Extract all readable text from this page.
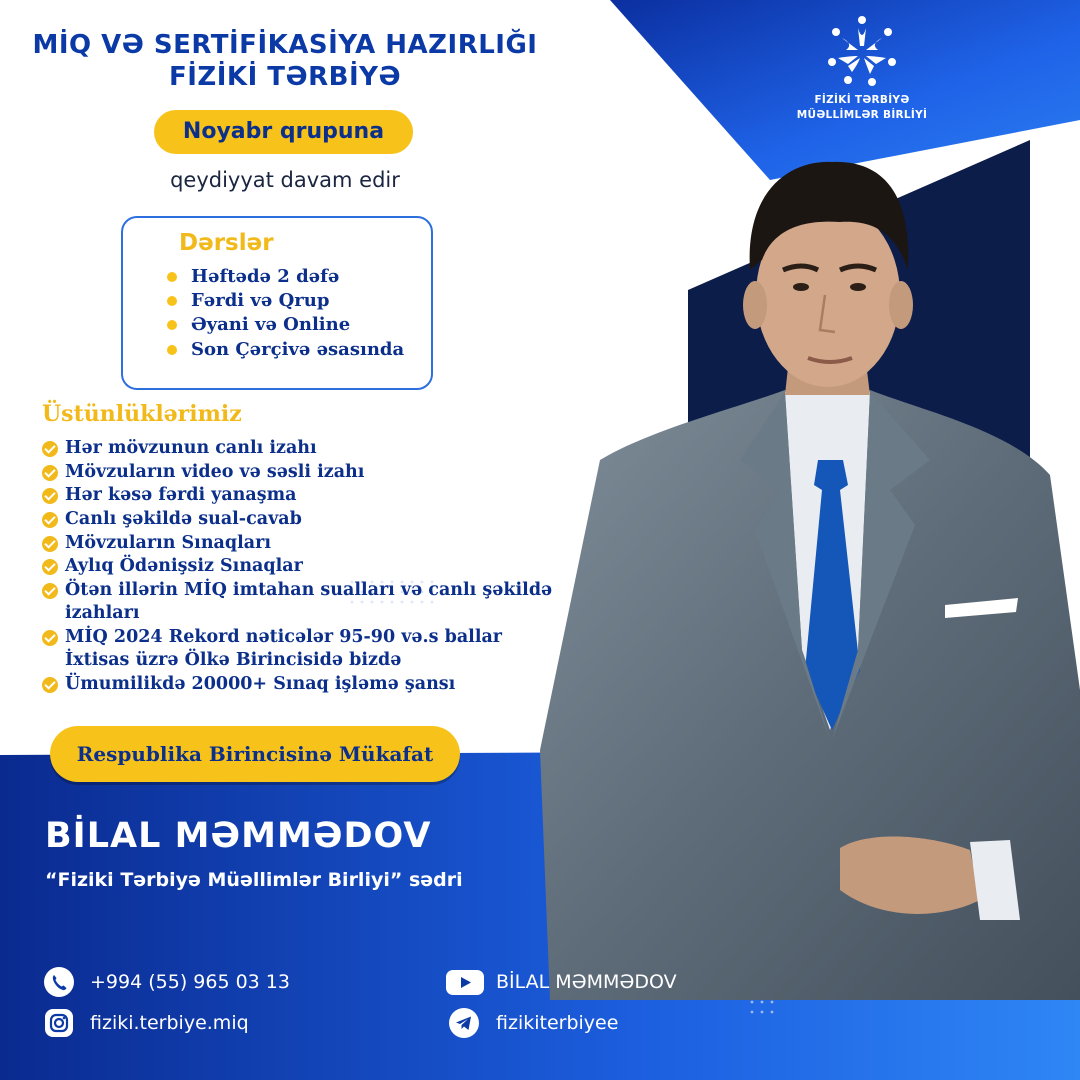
FİZİKİ TƏRBİYƏ
MÜƏLLİMLƏR BİRLİYİ
MİQ VƏ SERTİFİKASİYA HAZIRLIĞI
FİZİKİ TƏRBİYƏ
Noyabr qrupuna
qeydiyyat davam edir
Dərslər
Həftədə 2 dəfə
Fərdi və Qrup
Əyani və Online
Son Çərçivə əsasında
Üstünlüklərimiz
Hər mövzunun canlı izahı
Mövzuların video və səsli izahı
Hər kəsə fərdi yanaşma
Canlı şəkildə sual-cavab
Mövzuların Sınaqları
Aylıq Ödənişsiz Sınaqlar
Ötən illərin MİQ imtahan sualları və canlı şəkildə izahları
MİQ 2024 Rekord nəticələr 95-90 və.s ballar İxtisas üzrə Ölkə Birincisidə bizdə
Ümumilikdə 20000+ Sınaq işləmə şansı
Respublika Birincisinə Mükafat
BİLAL MƏMMƏDOV
“Fiziki Tərbiyə Müəllimlər Birliyi” sədri
+994 (55) 965 03 13
fiziki.terbiye.miq
BİLAL MƏMMƏDOV
fizikiterbiyee
